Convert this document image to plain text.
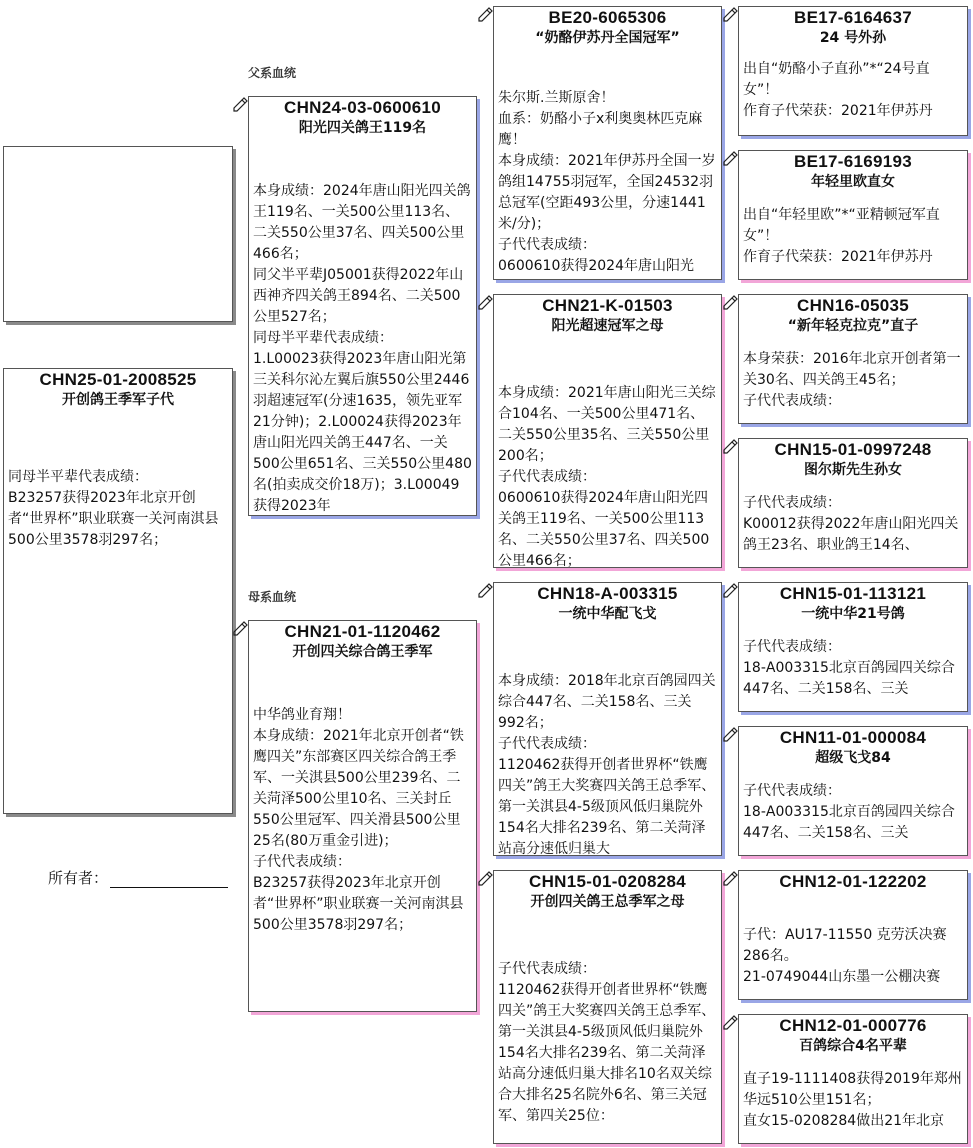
CHN25-01-2008525
开创鸽王季军子代
同母半平辈代表成绩：
B23257获得2023年北京开创者“世界杯”职业联赛一关河南淇县500公里3578羽297名；
所有者：
父系血统
母系血统
CHN24-03-0600610
阳光四关鸽王119名
本身成绩：2024年唐山阳光四关鸽王119名、一关500公里113名、二关550公里37名、四关500公里466名；
同父半平辈J05001获得2022年山西神齐四关鸽王894名、二关500公里527名；
同母半平辈代表成绩：
1.L00023获得2023年唐山阳光第三关科尔沁左翼后旗550公里2446羽超速冠军(分速1635，领先亚军21分钟)；2.L00024获得2023年唐山阳光四关鸽王447名、一关500公里651名、三关550公里480名(拍卖成交价18万)；3.L00049获得2023年
CHN21-01-1120462
开创四关综合鸽王季军
中华鸽业育翔！
本身成绩：2021年北京开创者“铁鹰四关”东部赛区四关综合鸽王季军、一关淇县500公里239名、二关菏泽500公里10名、三关封丘550公里冠军、四关滑县500公里25名(80万重金引进)；
子代代表成绩：
B23257获得2023年北京开创者“世界杯”职业联赛一关河南淇县500公里3578羽297名；
BE20-6065306
“奶酪伊苏丹全国冠军”
朱尔斯.兰斯原舍！
血系：奶酪小子x利奥奥林匹克麻鹰！
本身成绩：2021年伊苏丹全国一岁鸽组14755羽冠军，全国24532羽总冠军(空距493公里，分速1441米/分)；
子代代表成绩：
0600610获得2024年唐山阳光
CHN21-K-01503
阳光超速冠军之母
本身成绩：2021年唐山阳光三关综合104名、一关500公里471名、二关550公里35名、三关550公里200名；
子代代表成绩：
0600610获得2024年唐山阳光四关鸽王119名、一关500公里113名、二关550公里37名、四关500公里466名；
CHN18-A-003315
一统中华配飞戈
本身成绩：2018年北京百鸽园四关综合447名、二关158名、三关992名；
子代代表成绩：
1120462获得开创者世界杯“铁鹰四关”鸽王大奖赛四关鸽王总季军、第一关淇县4-5级顶风低归巢院外154名大排名239名、第二关菏泽站高分速低归巢大
CHN15-01-0208284
开创四关鸽王总季军之母
子代代表成绩：
1120462获得开创者世界杯“铁鹰四关”鸽王大奖赛四关鸽王总季军、第一关淇县4-5级顶风低归巢院外154名大排名239名、第二关菏泽站高分速低归巢大排名10名双关综合大排名25名院外6名、第三关冠军、第四关25位：
BE17-6164637
24 号外孙
出自“奶酪小子直孙”*“24号直女”！
作育子代荣获：2021年伊苏丹
BE17-6169193
年轻里欧直女
出自“年轻里欧”*“亚精顿冠军直女”！
作育子代荣获：2021年伊苏丹
CHN16-05035
“新年轻克拉克”直子
本身荣获：2016年北京开创者第一关30名、四关鸽王45名；
子代代表成绩：
CHN15-01-0997248
图尔斯先生孙女
子代代表成绩：
K00012获得2022年唐山阳光四关鸽王23名、职业鸽王14名、
CHN15-01-113121
一统中华21号鸽
子代代表成绩：
18-A003315北京百鸽园四关综合447名、二关158名、三关
CHN11-01-000084
超级飞戈84
子代代表成绩：
18-A003315北京百鸽园四关综合447名、二关158名、三关
CHN12-01-122202
子代：AU17-11550 克劳沃决赛286名。
21-0749044山东墨一公棚决赛
CHN12-01-000776
百鸽综合4名平辈
直子19-1111408获得2019年郑州华远510公里151名；
直女15-0208284做出21年北京
